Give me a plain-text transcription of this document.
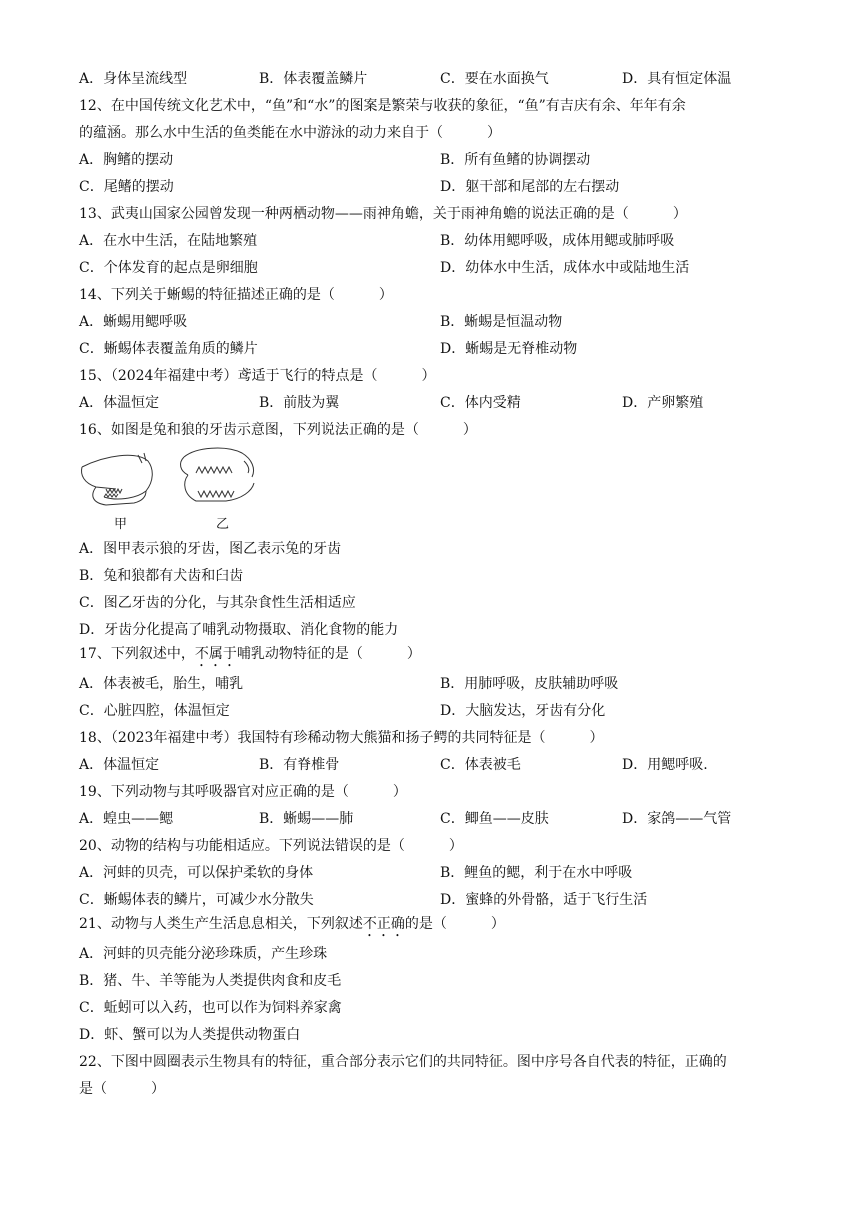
A．身体呈流线型	B．体表覆盖鳞片	C．要在水面换气	D．具有恒定体温
12、在中国传统文化艺术中，“鱼”和“水”的图案是繁荣与收获的象征，“鱼”有吉庆有余、年年有余
的蕴涵。那么水中生活的鱼类能在水中游泳的动力来自于（	）
A．胸鳍的摆动	B．所有鱼鳍的协调摆动
C．尾鳍的摆动	D．躯干部和尾部的左右摆动
13、武夷山国家公园曾发现一种两栖动物——雨神角蟾，关于雨神角蟾的说法正确的是（	）
A．在水中生活，在陆地繁殖	B．幼体用鳃呼吸，成体用鳃或肺呼吸
C．个体发育的起点是卵细胞	D．幼体水中生活，成体水中或陆地生活
14、下列关于蜥蜴的特征描述正确的是（	）
A．蜥蜴用鳃呼吸	B．蜥蜴是恒温动物
C．蜥蜴体表覆盖角质的鳞片	D．蜥蜴是无脊椎动物
15、（2024年福建中考）鸢适于飞行的特点是（	）
A．体温恒定	B．前肢为翼	C．体内受精	D．产卵繁殖
16、如图是兔和狼的牙齿示意图，下列说法正确的是（	）
甲	乙
A．图甲表示狼的牙齿，图乙表示兔的牙齿
B．兔和狼都有犬齿和臼齿
C．图乙牙齿的分化，与其杂食性生活相适应
D．牙齿分化提高了哺乳动物摄取、消化食物的能力
17、下列叙述中，不属于哺乳动物特征的是（	）
A．体表被毛，胎生，哺乳	B．用肺呼吸，皮肤辅助呼吸
C．心脏四腔，体温恒定	D．大脑发达，牙齿有分化
18、（2023年福建中考）我国特有珍稀动物大熊猫和扬子鳄的共同特征是（	）
A．体温恒定	B．有脊椎骨	C．体表被毛	D．用鳃呼吸.
19、下列动物与其呼吸器官对应正确的是（	）
A．蝗虫——鳃	B．蜥蜴——肺	C．鲫鱼——皮肤	D．家鸽——气管
20、动物的结构与功能相适应。下列说法错误的是（	）
A．河蚌的贝壳，可以保护柔软的身体	B．鲤鱼的鳃，利于在水中呼吸
C．蜥蜴体表的鳞片，可减少水分散失	D．蜜蜂的外骨骼，适于飞行生活
21、动物与人类生产生活息息相关，下列叙述不正确的是（	）
A．河蚌的贝壳能分泌珍珠质，产生珍珠
B．猪、牛、羊等能为人类提供肉食和皮毛
C．蚯蚓可以入药，也可以作为饲料养家禽
D．虾、蟹可以为人类提供动物蛋白
22、下图中圆圈表示生物具有的特征，重合部分表示它们的共同特征。图中序号各自代表的特征，正确的
是（	）
